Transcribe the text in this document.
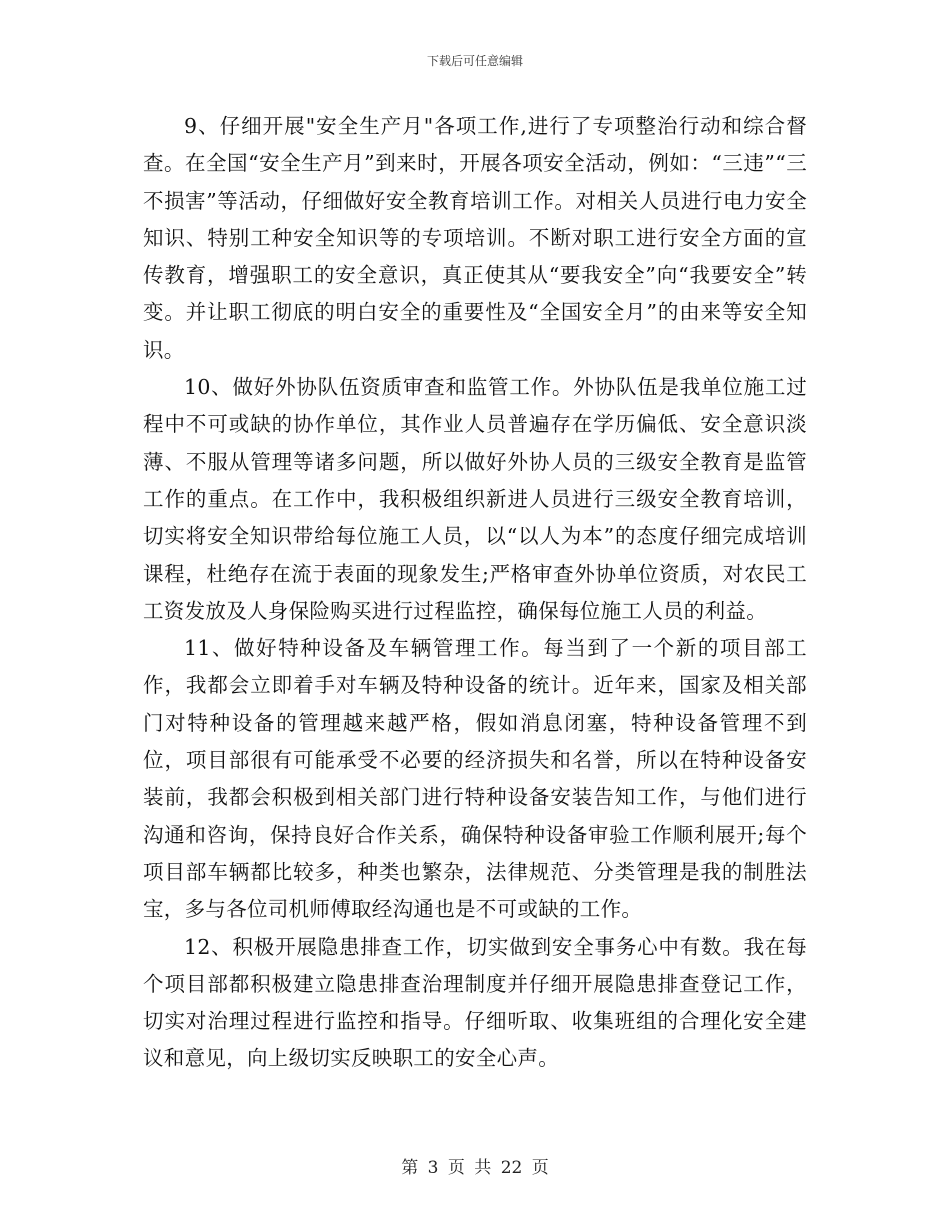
下载后可任意编辑

9、仔细开展"安全生产月"各项工作,进行了专项整治行动和综合督查。在全国“安全生产月”到来时，开展各项安全活动，例如：“三违”“三不损害”等活动，仔细做好安全教育培训工作。对相关人员进行电力安全知识、特别工种安全知识等的专项培训。不断对职工进行安全方面的宣传教育，增强职工的安全意识，真正使其从“要我安全”向“我要安全”转变。并让职工彻底的明白安全的重要性及“全国安全月”的由来等安全知识。

10、做好外协队伍资质审查和监管工作。外协队伍是我单位施工过程中不可或缺的协作单位，其作业人员普遍存在学历偏低、安全意识淡薄、不服从管理等诸多问题，所以做好外协人员的三级安全教育是监管工作的重点。在工作中，我积极组织新进人员进行三级安全教育培训，切实将安全知识带给每位施工人员，以“以人为本”的态度仔细完成培训课程，杜绝存在流于表面的现象发生;严格审查外协单位资质，对农民工工资发放及人身保险购买进行过程监控，确保每位施工人员的利益。

11、做好特种设备及车辆管理工作。每当到了一个新的项目部工作，我都会立即着手对车辆及特种设备的统计。近年来，国家及相关部门对特种设备的管理越来越严格，假如消息闭塞，特种设备管理不到位，项目部很有可能承受不必要的经济损失和名誉，所以在特种设备安装前，我都会积极到相关部门进行特种设备安装告知工作，与他们进行沟通和咨询，保持良好合作关系，确保特种设备审验工作顺利展开;每个项目部车辆都比较多，种类也繁杂，法律规范、分类管理是我的制胜法宝，多与各位司机师傅取经沟通也是不可或缺的工作。

12、积极开展隐患排查工作，切实做到安全事务心中有数。我在每个项目部都积极建立隐患排查治理制度并仔细开展隐患排查登记工作，切实对治理过程进行监控和指导。仔细听取、收集班组的合理化安全建议和意见，向上级切实反映职工的安全心声。

第 3 页 共 22 页
